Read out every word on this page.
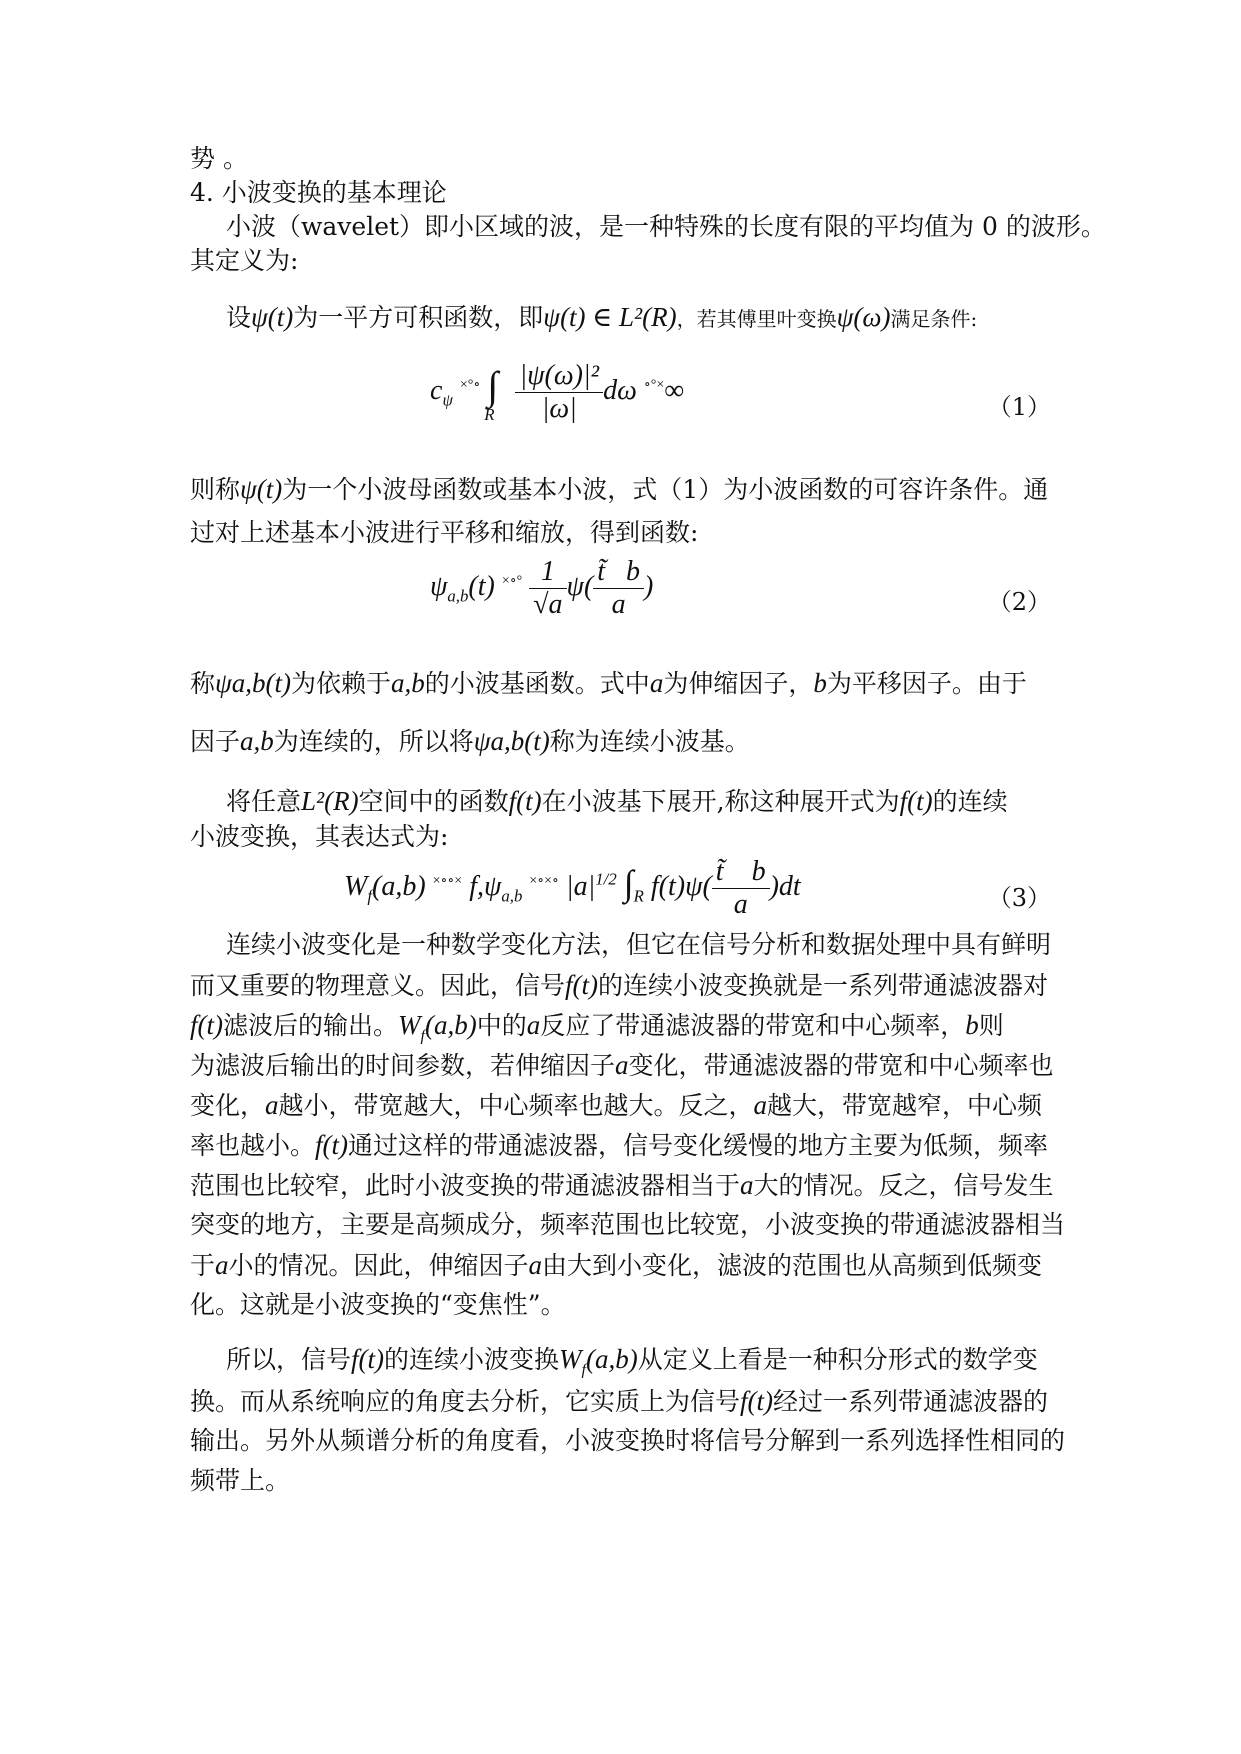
势 。
4. 小波变换的基本理论
小波（wavelet）即小区域的波，是一种特殊的长度有限的平均值为 0 的波形。
其定义为:
设ψ(t)为一平方可积函数，即ψ(t) ∈ L²(R)，若其傅里叶变换ψ(ω)满足条件:
$c_\psi$ ×°∘ $\int_R \frac{\text{|ψ(ω)|²}}{|\omega|}$ dω ∘°×∞
（1）
则称ψ(t)为一个小波母函数或基本小波，式（1）为小波函数的可容许条件。通
过对上述基本小波进行平移和缩放，得到函数:
$\psi_{a,b}(t)$ $^{\times\circ^\circ} \frac{1}{√a} \psi( \frac{t̃ b}{a}$ )
（2）
称ψa,b(t)为依赖于a,b的小波基函数。式中a为伸缩因子，b为平移因子。由于
因子a,b为连续的，所以将ψa,b(t)称为连续小波基。
将任意L²(R)空间中的函数f(t)在小波基下展开,称这种展开式为f(t)的连续
小波变换，其表达式为:
$W_f(a,b)$ ×∘∘× $f,\psi_{a,b}$ ×∘×∘ $|a|^{1/2}$ $\int_R$ $f(t)\psi( \frac{t̃ b}{a} )dt$	（3）
连续小波变化是一种数学变化方法，但它在信号分析和数据处理中具有鲜明
而又重要的物理意义。因此，信号f(t)的连续小波变换就是一系列带通滤波器对
f(t)滤波后的输出。$W_f(a,b)$中的a反应了带通滤波器的带宽和中心频率，b则
为滤波后输出的时间参数，若伸缩因子a变化，带通滤波器的带宽和中心频率也
变化，a越小，带宽越大，中心频率也越大。反之，a越大，带宽越窄，中心频
率也越小。f(t)通过这样的带通滤波器，信号变化缓慢的地方主要为低频，频率
范围也比较窄，此时小波变换的带通滤波器相当于a大的情况。反之，信号发生
突变的地方，主要是高频成分，频率范围也比较宽，小波变换的带通滤波器相当
于a小的情况。因此，伸缩因子a由大到小变化，滤波的范围也从高频到低频变
化。这就是小波变换的“变焦性”。
所以，信号f(t)的连续小波变换$W_f(a,b)$从定义上看是一种积分形式的数学变
换。而从系统响应的角度去分析，它实质上为信号f(t)经过一系列带通滤波器的
输出。另外从频谱分析的角度看，小波变换时将信号分解到一系列选择性相同的
频带上。
